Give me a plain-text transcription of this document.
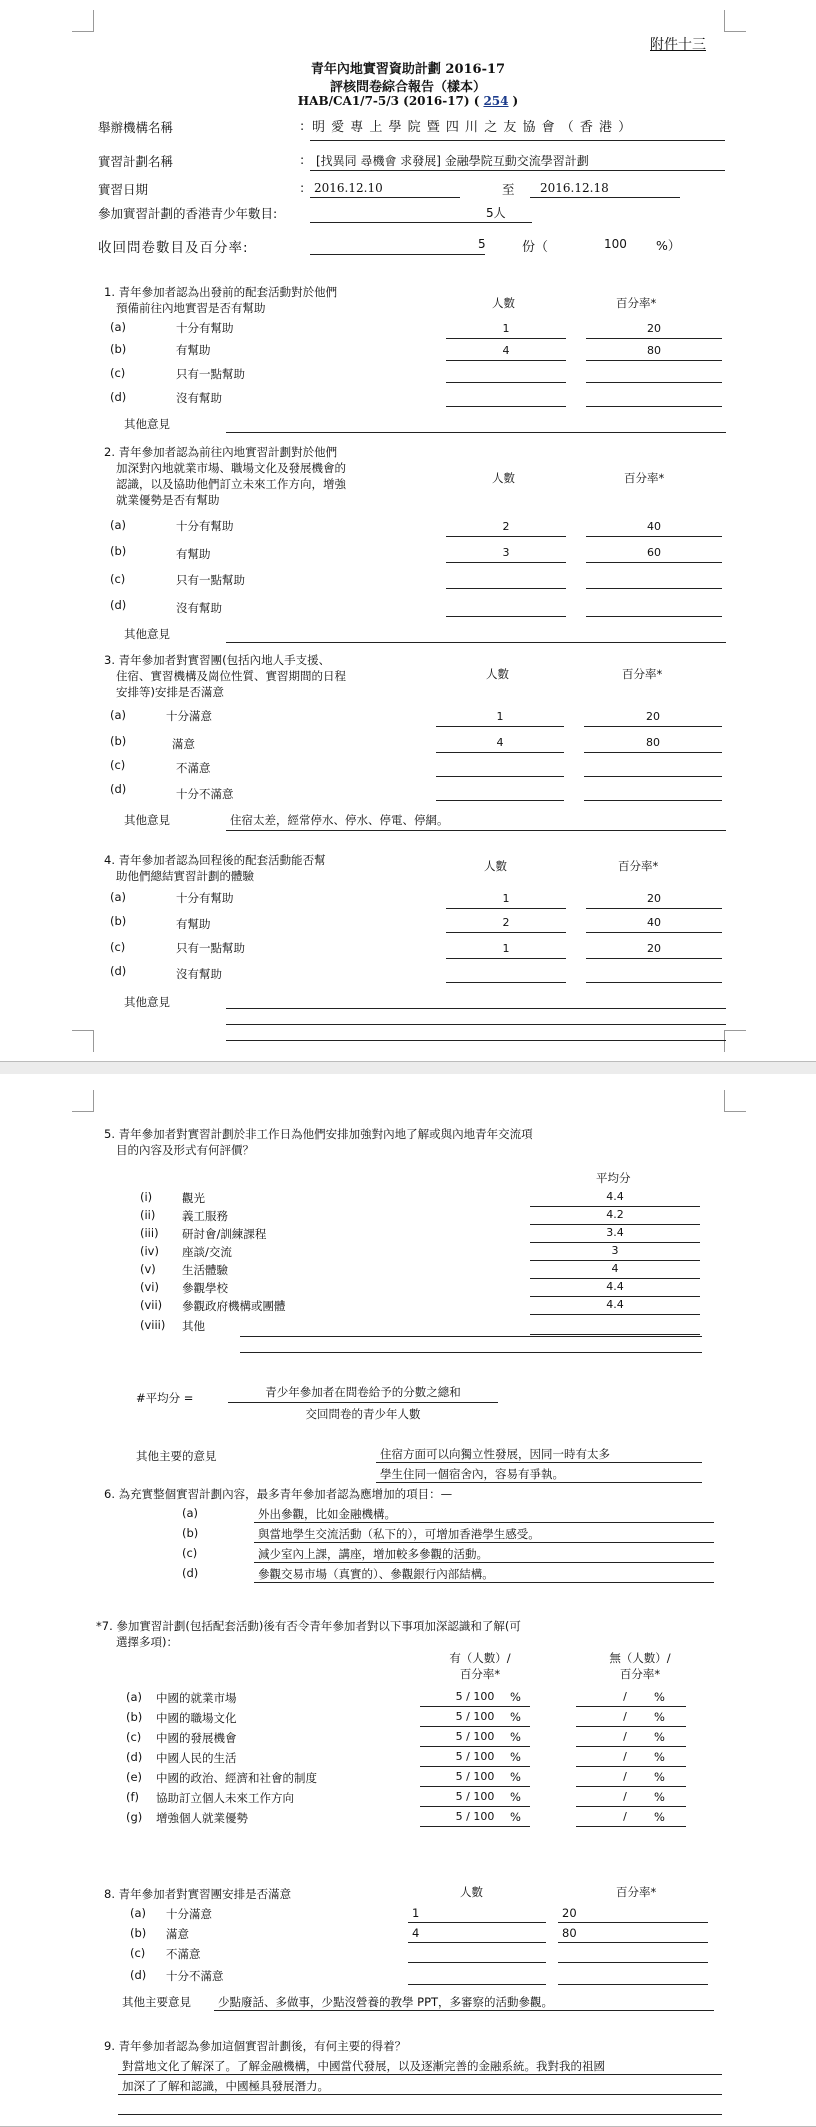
附件十三
青年內地實習資助計劃 2016-17
評核問卷綜合報告（樣本）
HAB/CA1/7-5/3 (2016-17) ( 254 )
舉辦機構名稱	: 明 愛 專 上 學 院 暨 四 川 之 友 協 會 （ 香 港 ）
實習計劃名稱	: [找異同 尋機會 求發展] 金融學院互動交流學習計劃
實習日期	: 2016.12.10	至 2016.12.18
參加實習計劃的香港青少年數目:	5人
收回問卷數目及百分率:	5	份（	100 %）
1. 青年參加者認為出發前的配套活動對於他們
預備前往內地實習是否有幫助	人數	百分率*
(a)	十分有幫助	1	20
(b)	有幫助	4	80
(c)	只有一點幫助
(d)	沒有幫助
其他意見
2. 青年參加者認為前往內地實習計劃對於他們
加深對內地就業市場、職場文化及發展機會的
認識，以及協助他們訂立未來工作方向，增強
就業優勢是否有幫助
人數	百分率*
(a)	十分有幫助	2	40
(b)	有幫助	3	60
(c)	只有一點幫助
(d)	沒有幫助
其他意見
3. 青年參加者對實習團(包括內地人手支援、
住宿、實習機構及崗位性質、實習期間的日程
安排等)安排是否滿意
人數	百分率*
(a)	十分滿意	1	20
(b)	滿意	4	80
(c)	不滿意
(d)	十分不滿意
其他意見	住宿太差，經常停水、停水、停電、停網。
4. 青年參加者認為回程後的配套活動能否幫
助他們總結實習計劃的體驗
人數	百分率*
(a)	十分有幫助	1	20
(b)	有幫助	2	40
(c)	只有一點幫助	1	20
(d)	沒有幫助
其他意見
5. 青年參加者對實習計劃於非工作日為他們安排加強對內地了解或與內地青年交流項
目的內容及形式有何評價？
平均分
(i)	觀光	4.4
(ii) 義工服務	4.2
(iii) 研討會/訓練課程	3.4
(iv) 座談/交流	3
(v) 生活體驗	4
(vi) 參觀學校	4.4
(vii) 參觀政府機構或團體	4.4
(viii) 其他
#平均分 =	青少年參加者在問卷給予的分數之總和
交回問卷的青少年人數
其他主要的意見	住宿方面可以向獨立性發展，因同一時有太多
學生住同一個宿舍內，容易有爭執。
6. 為充實整個實習計劃內容，最多青年參加者認為應增加的項目：—
(a)	外出參觀，比如金融機構。
(b)	與當地學生交流活動（私下的），可增加香港學生感受。
(c)	減少室內上課，講座，增加較多參觀的活動。
(d)	參觀交易市場（真實的）、參觀銀行內部結構。
*7. 參加實習計劃(包括配套活動)後有否令青年參加者對以下事項加深認識和了解(可
選擇多項)：
有（人數）/
百分率*
無（人數）/
百分率*
(a) 中國的就業市場	5 / 100	%	/	%
(b) 中國的職場文化	5 / 100	%	/	%
(c) 中國的發展機會	5 / 100	%	/	%
(d) 中國人民的生活	5 / 100	%	/	%
(e) 中國的政治、經濟和社會的制度	5 / 100	%	/	%
(f) 協助訂立個人未來工作方向	5 / 100	%	/	%
(g) 增強個人就業優勢	5 / 100	%	/	%
8. 青年參加者對實習團安排是否滿意	人數	百分率*
(a) 十分滿意	1	20
(b) 滿意	4	80
(c) 不滿意
(d) 十分不滿意
其他主要意見 少點廢話、多做事，少點沒營養的教學 PPT，多審察的活動參觀。
9. 青年參加者認為參加這個實習計劃後，有何主要的得着？
對當地文化了解深了。了解金融機構，中國當代發展，以及逐漸完善的金融系統。我對我的祖國
加深了了解和認識，中國極具發展潛力。
